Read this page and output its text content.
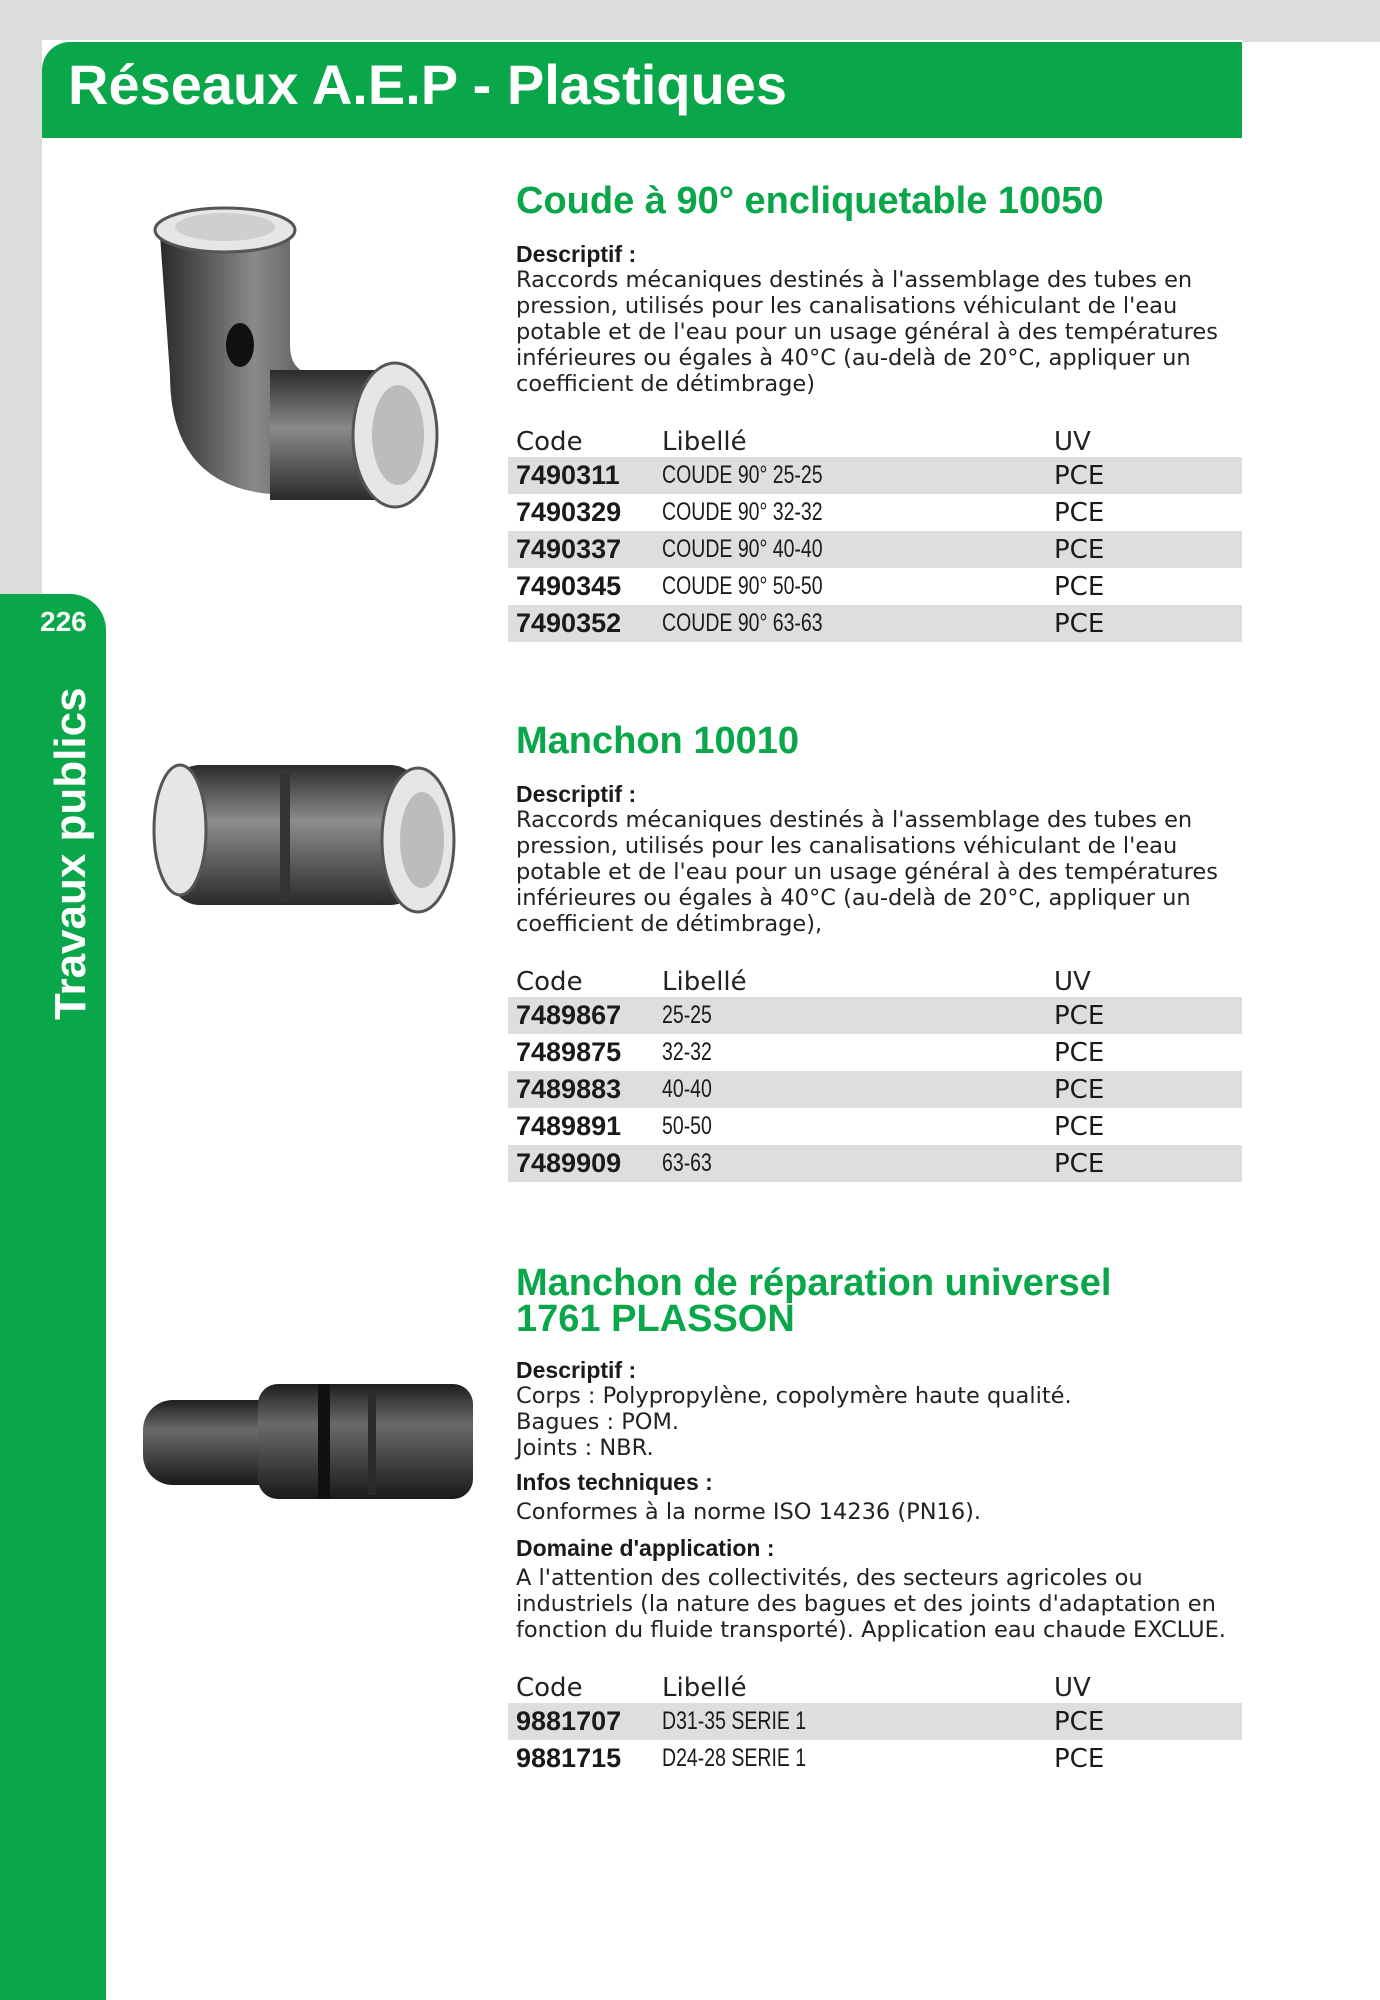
Réseaux A.E.P - Plastiques
226
Travaux publics
Coude à 90° encliquetable 10050
Descriptif :

Raccords mécaniques destinés à l'assemblage des tubes en

pression, utilisés pour les canalisations véhiculant de l'eau

potable et de l'eau pour un usage général à des températures

inférieures ou égales à 40°C (au-delà de 20°C, appliquer un

coefficient de détimbrage)

Code	Libellé	UV
7490311	COUDE 90° 25-25	PCE
7490329	COUDE 90° 32-32	PCE
7490337	COUDE 90° 40-40	PCE
7490345	COUDE 90° 50-50	PCE
7490352	COUDE 90° 63-63	PCE
Manchon 10010
Descriptif :

Raccords mécaniques destinés à l'assemblage des tubes en

pression, utilisés pour les canalisations véhiculant de l'eau

potable et de l'eau pour un usage général à des températures

inférieures ou égales à 40°C (au-delà de 20°C, appliquer un

coefficient de détimbrage),

Code	Libellé	UV
7489867	25-25	PCE
7489875	32-32	PCE
7489883	40-40	PCE
7489891	50-50	PCE
7489909	63-63	PCE
Manchon de réparation universel
1761 PLASSON
Descriptif :

Corps : Polypropylène, copolymère haute qualité.

Bagues : POM.

Joints : NBR.

Infos techniques :

Conformes à la norme ISO 14236 (PN16).

Domaine d'application :

A l'attention des collectivités, des secteurs agricoles ou

industriels (la nature des bagues et des joints d'adaptation en

fonction du fluide transporté). Application eau chaude EXCLUE.

Code	Libellé	UV
9881707	D31-35 SERIE 1	PCE
9881715	D24-28 SERIE 1	PCE
